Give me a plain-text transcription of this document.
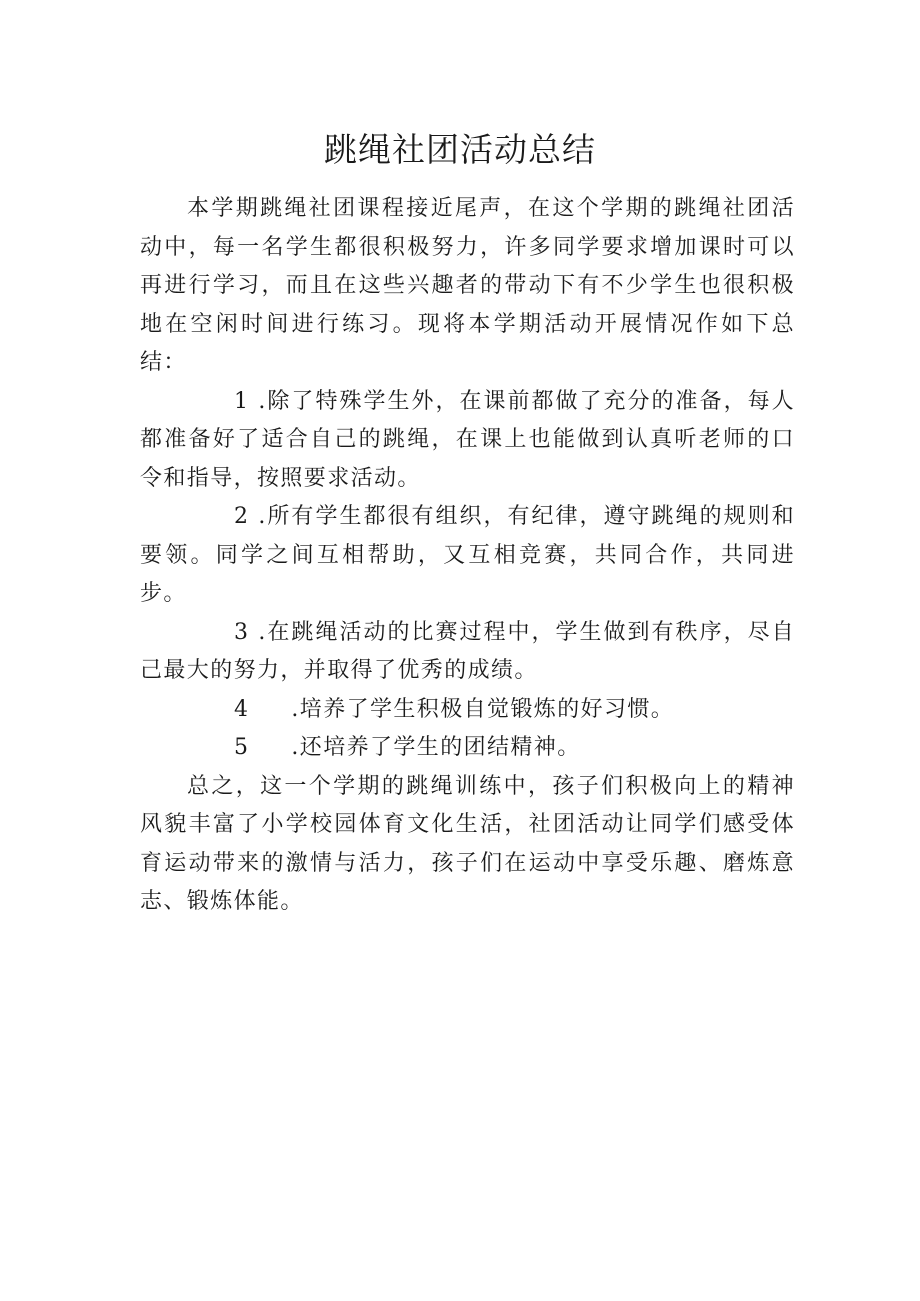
跳绳社团活动总结

本学期跳绳社团课程接近尾声，在这个学期的跳绳社团活动中，每一名学生都很积极努力，许多同学要求增加课时可以再进行学习，而且在这些兴趣者的带动下有不少学生也很积极地在空闲时间进行练习。现将本学期活动开展情况作如下总结：

1 .除了特殊学生外，在课前都做了充分的准备，每人都准备好了适合自己的跳绳，在课上也能做到认真听老师的口令和指导，按照要求活动。

2 .所有学生都很有组织，有纪律，遵守跳绳的规则和要领。同学之间互相帮助，又互相竞赛，共同合作，共同进步。

3 .在跳绳活动的比赛过程中，学生做到有秩序，尽自己最大的努力，并取得了优秀的成绩。

4 .培养了学生积极自觉锻炼的好习惯。

5 .还培养了学生的团结精神。

总之，这一个学期的跳绳训练中，孩子们积极向上的精神风貌丰富了小学校园体育文化生活，社团活动让同学们感受体育运动带来的激情与活力，孩子们在运动中享受乐趣、磨炼意志、锻炼体能。
